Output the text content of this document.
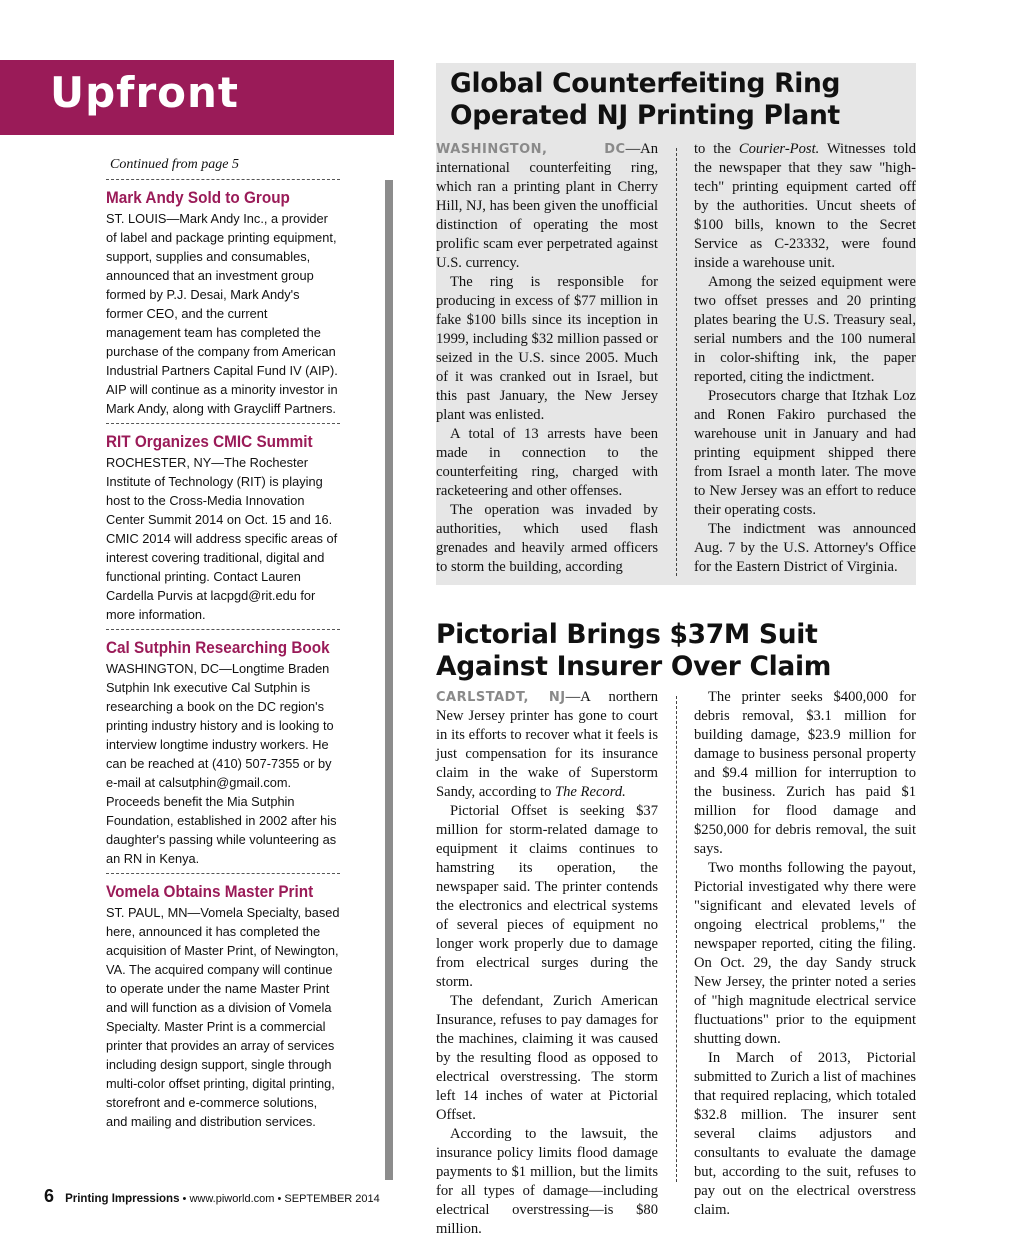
Upfront
Continued from page 5
Mark Andy Sold to Group

ST. LOUIS—Mark Andy Inc., a provider of label and package printing equipment, support, supplies and consumables, announced that an investment group formed by P.J. Desai, Mark Andy's former CEO, and the current management team has completed the purchase of the company from American Industrial Partners Capital Fund IV (AIP). AIP will continue as a minority investor in Mark Andy, along with Graycliff Partners.

RIT Organizes CMIC Summit

ROCHESTER, NY—The Rochester Institute of Technology (RIT) is playing host to the Cross-Media Innovation Center Summit 2014 on Oct. 15 and 16. CMIC 2014 will address specific areas of interest covering traditional, digital and functional printing. Contact Lauren Cardella Purvis at lacpgd@rit.edu for more information.

Cal Sutphin Researching Book

WASHINGTON, DC—Longtime Braden Sutphin Ink executive Cal Sutphin is researching a book on the DC region's printing industry history and is looking to interview longtime industry workers. He can be reached at (410) 507-7355 or by e-mail at calsutphin@gmail.com. Proceeds benefit the Mia Sutphin Foundation, established in 2002 after his daughter's passing while volunteering as an RN in Kenya.

Vomela Obtains Master Print

ST. PAUL, MN—Vomela Specialty, based here, announced it has completed the acquisition of Master Print, of Newington, VA. The acquired company will continue to operate under the name Master Print and will function as a division of Vomela Specialty. Master Print is a commercial printer that provides an array of services including design support, single through multi-color offset printing, digital printing, storefront and e-commerce solutions, and mailing and distribution services.

Global Counterfeiting Ring
Operated NJ Printing Plant

WASHINGTON, DC—An international counterfeiting ring, which ran a printing plant in Cherry Hill, NJ, has been given the unofficial distinction of operating the most prolific scam ever perpetrated against U.S. currency.

The ring is responsible for producing in excess of $77 million in fake $100 bills since its inception in 1999, including $32 million passed or seized in the U.S. since 2005. Much of it was cranked out in Israel, but this past January, the New Jersey plant was enlisted.

A total of 13 arrests have been made in connection to the counterfeiting ring, charged with racketeering and other offenses.

The operation was invaded by authorities, which used flash grenades and heavily armed officers to storm the building, according

to the Courier-Post. Witnesses told the newspaper that they saw "high-tech" printing equipment carted off by the authorities. Uncut sheets of $100 bills, known to the Secret Service as C-23332, were found inside a warehouse unit.

Among the seized equipment were two offset presses and 20 printing plates bearing the U.S. Treasury seal, serial numbers and the 100 numeral in color-shifting ink, the paper reported, citing the indictment.

Prosecutors charge that Itzhak Loz and Ronen Fakiro purchased the warehouse unit in January and had printing equipment shipped there from Israel a month later. The move to New Jersey was an effort to reduce their operating costs.

The indictment was announced Aug. 7 by the U.S. Attorney's Office for the Eastern District of Virginia.

Pictorial Brings $37M Suit
Against Insurer Over Claim

CARLSTADT, NJ—A northern New Jersey printer has gone to court in its efforts to recover what it feels is just compensation for its insurance claim in the wake of Superstorm Sandy, according to The Record.

Pictorial Offset is seeking $37 million for storm-related damage to equipment it claims continues to hamstring its operation, the newspaper said. The printer contends the electronics and electrical systems of several pieces of equipment no longer work properly due to damage from electrical surges during the storm.

The defendant, Zurich American Insurance, refuses to pay damages for the machines, claiming it was caused by the resulting flood as opposed to electrical overstressing. The storm left 14 inches of water at Pictorial Offset.

According to the lawsuit, the insurance policy limits flood damage payments to $1 million, but the limits for all types of damage—including electrical overstressing—is $80 million.

The printer seeks $400,000 for debris removal, $3.1 million for building damage, $23.9 million for damage to business personal property and $9.4 million for interruption to the business. Zurich has paid $1 million for flood damage and $250,000 for debris removal, the suit says.

Two months following the payout, Pictorial investigated why there were "significant and elevated levels of ongoing electrical problems," the newspaper reported, citing the filing. On Oct. 29, the day Sandy struck New Jersey, the printer noted a series of "high magnitude electrical service fluctuations" prior to the equipment shutting down.

In March of 2013, Pictorial submitted to Zurich a list of machines that required replacing, which totaled $32.8 million. The insurer sent several claims adjustors and consultants to evaluate the damage but, according to the suit, refuses to pay out on the electrical overstress claim.

6 Printing Impressions • www.piworld.com • SEPTEMBER 2014
